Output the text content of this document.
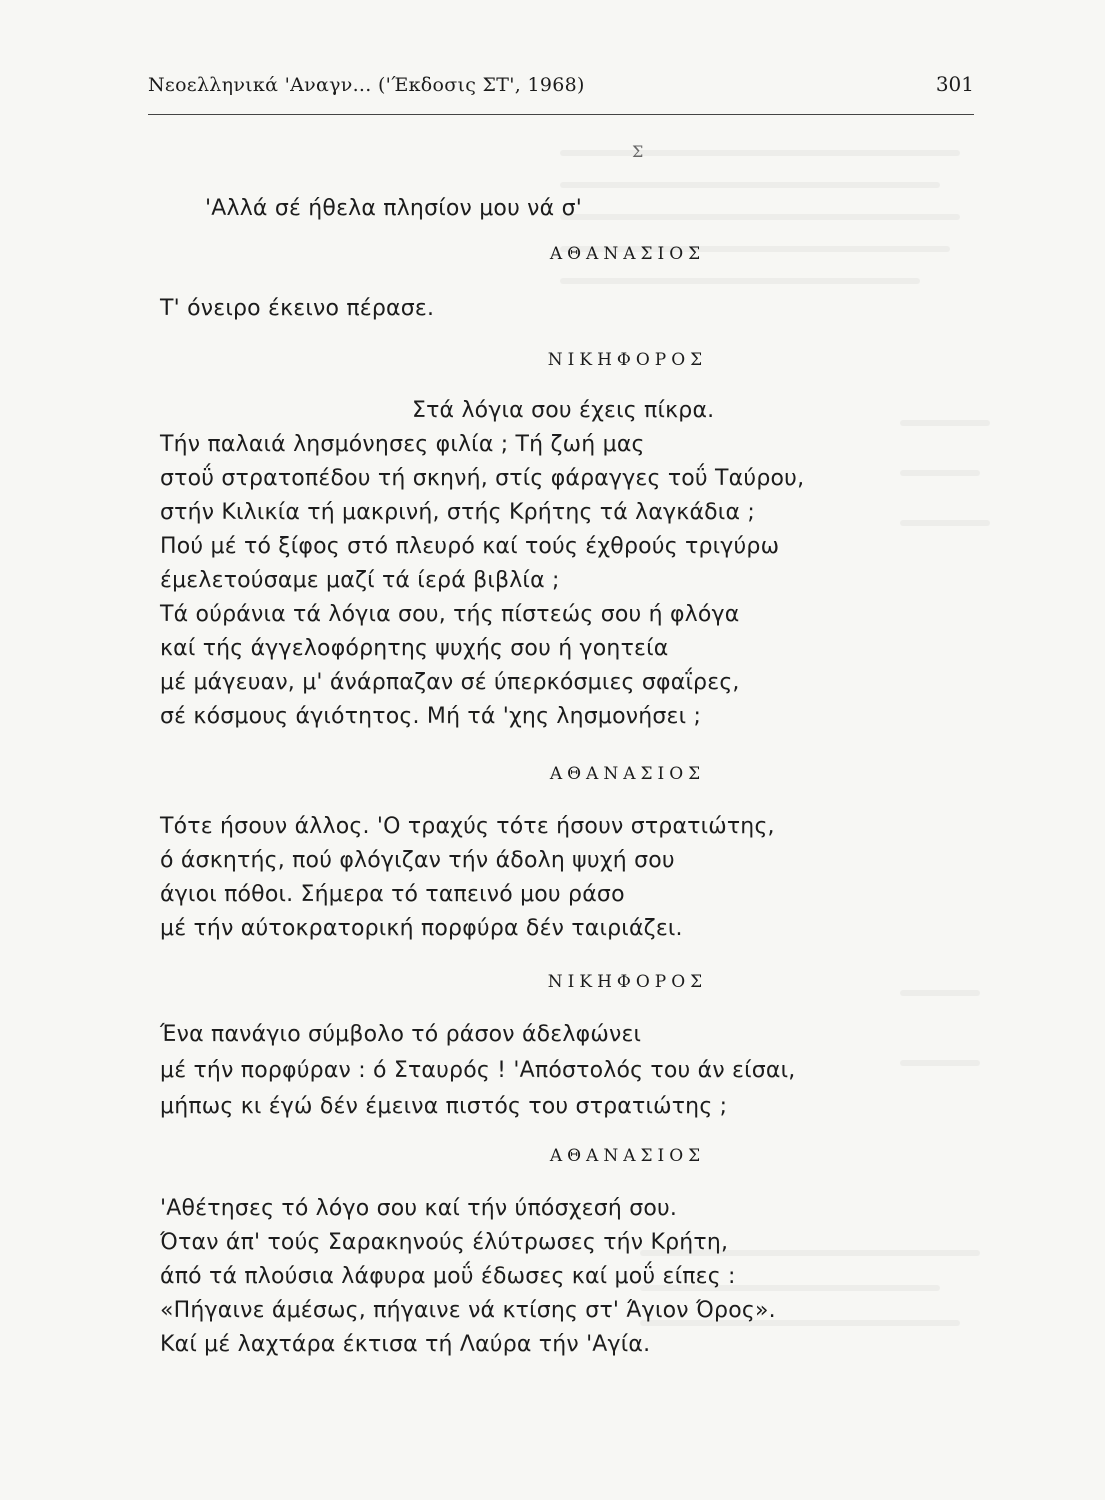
Νεοελληνικά 'Αναγν... ('Έκδοσις ΣΤ', 1968)	301
Σ
'Αλλά σέ ήθελα πλησίον μου νά σ'
ΑΘΑΝΑΣΙΟΣ
Τ' όνειρο έκεινο πέρασε.
ΝΙΚΗΦΟΡΟΣ
Στά λόγια σου έχεις πίκρα.
Τήν παλαιά λησμόνησες φιλία ; Τή ζωή μας
στοΰ στρατοπέδου τή σκηνή, στίς φάραγγες τοΰ Ταύρου,
στήν Κιλικία τή μακρινή, στής Κρήτης τά λαγκάδια ;
Πού μέ τό ξίφος στό πλευρό καί τούς έχθρούς τριγύρω
έμελετούσαμε μαζί τά ίερά βιβλία ;
Τά ούράνια τά λόγια σου, τής πίστεώς σου ή φλόγα
καί τής άγγελοφόρητης ψυχής σου ή γοητεία
μέ μάγευαν, μ' άνάρπαζαν σέ ύπερκόσμιες σφαΐρες,
σέ κόσμους άγιότητος. Μή τά 'χης λησμονήσει ;
ΑΘΑΝΑΣΙΟΣ
Τότε ήσουν άλλος. 'Ο τραχύς τότε ήσουν στρατιώτης,
ό άσκητής, πού φλόγιζαν τήν άδολη ψυχή σου
άγιοι πόθοι. Σήμερα τό ταπεινό μου ράσο
μέ τήν αύτοκρατορική πορφύρα δέν ταιριάζει.
ΝΙΚΗΦΟΡΟΣ
Ένα πανάγιο σύμβολο τό ράσον άδελφώνει
μέ τήν πορφύραν : ό Σταυρός ! 'Απόστολός του άν είσαι,
μήπως κι έγώ δέν έμεινα πιστός του στρατιώτης ;
ΑΘΑΝΑΣΙΟΣ
'Αθέτησες τό λόγο σου καί τήν ύπόσχεσή σου.
Όταν άπ' τούς Σαρακηνούς έλύτρωσες τήν Κρήτη,
άπό τά πλούσια λάφυρα μοΰ έδωσες καί μοΰ είπες :
«Πήγαινε άμέσως, πήγαινε νά κτίσης στ' Άγιον Όρος».
Καί μέ λαχτάρα έκτισα τή Λαύρα τήν 'Αγία.
